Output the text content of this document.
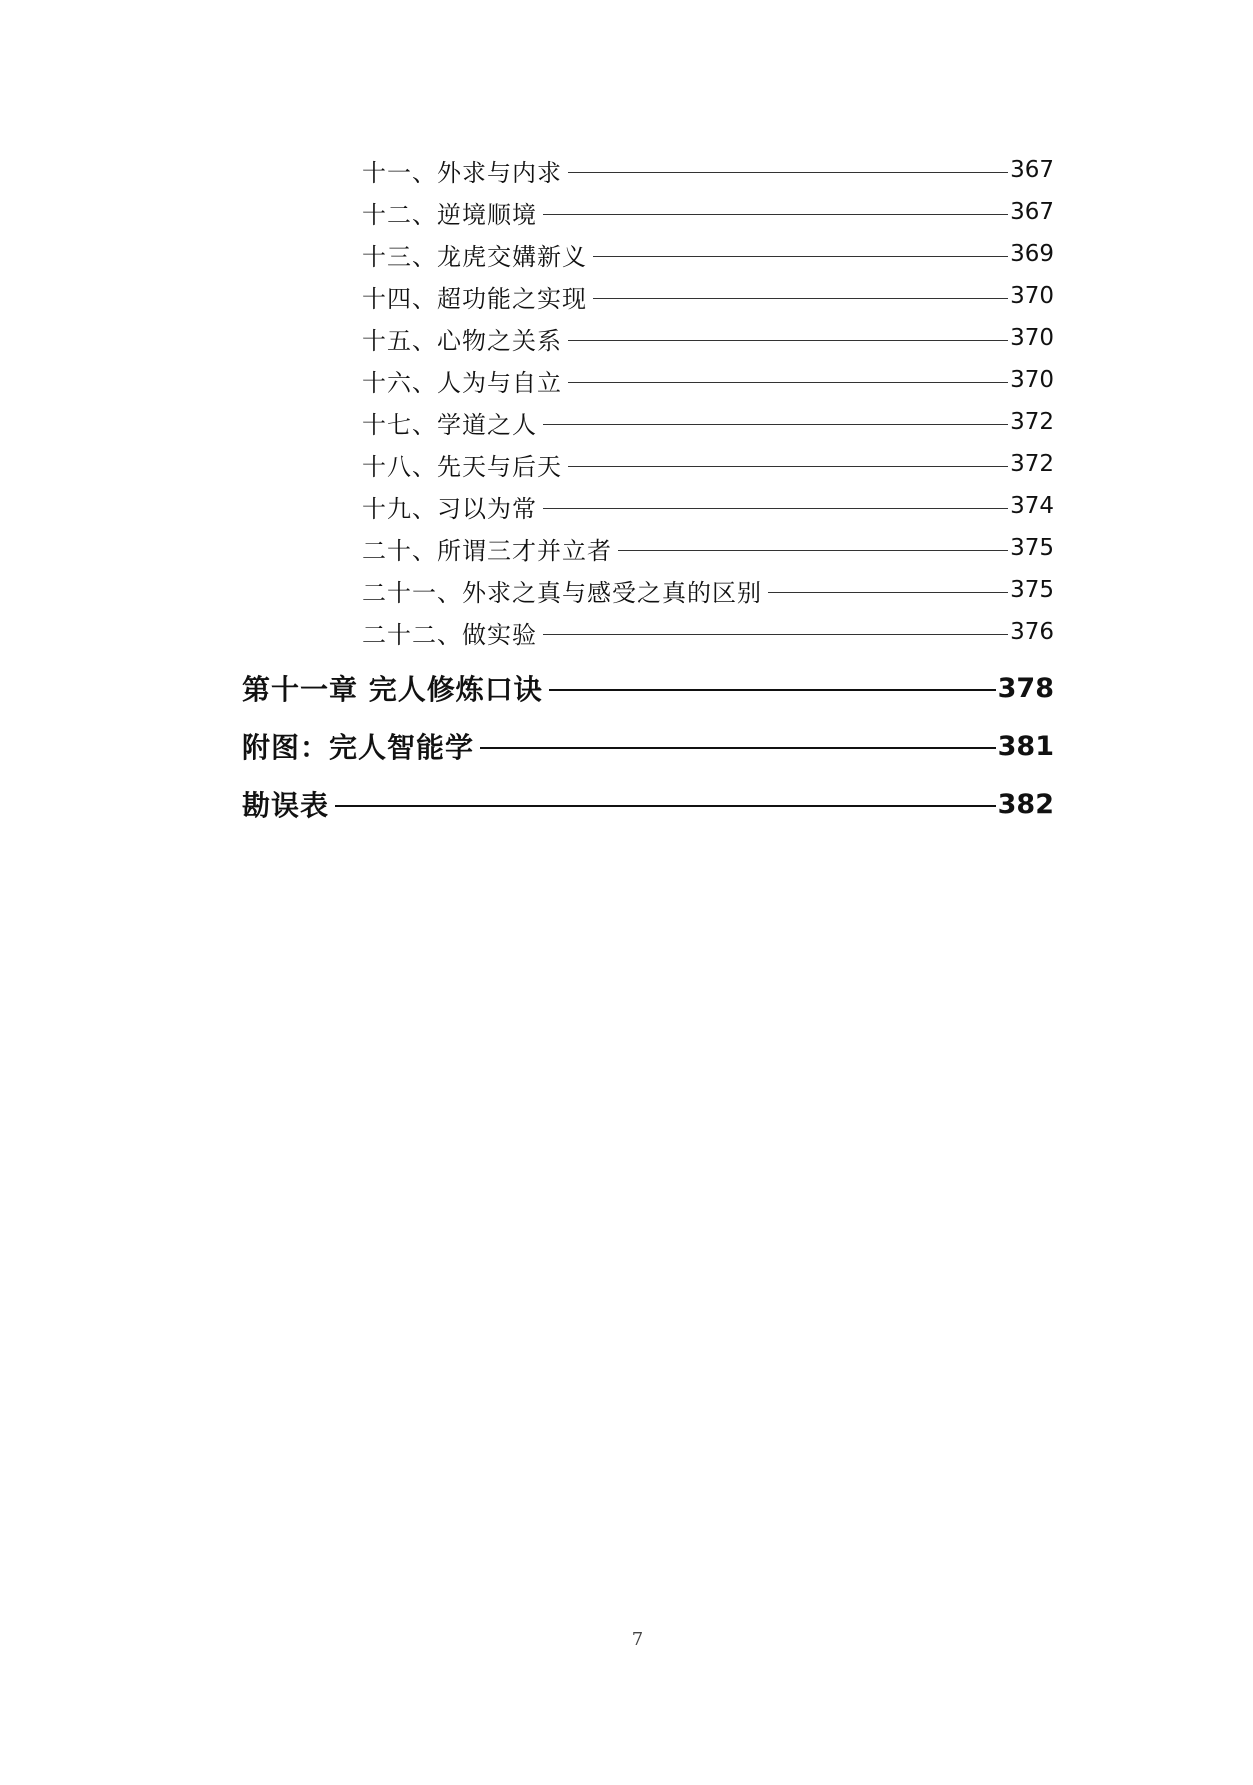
十一、外求与内求	367
十二、逆境顺境	367
十三、龙虎交媾新义	369
十四、超功能之实现	370
十五、心物之关系	370
十六、人为与自立	370
十七、学道之人	372
十八、先天与后天	372
十九、习以为常	374
二十、所谓三才并立者	375
二十一、外求之真与感受之真的区别	375
二十二、做实验	376
第十一章 完人修炼口诀	378
附图：完人智能学	381
勘误表	382
7
